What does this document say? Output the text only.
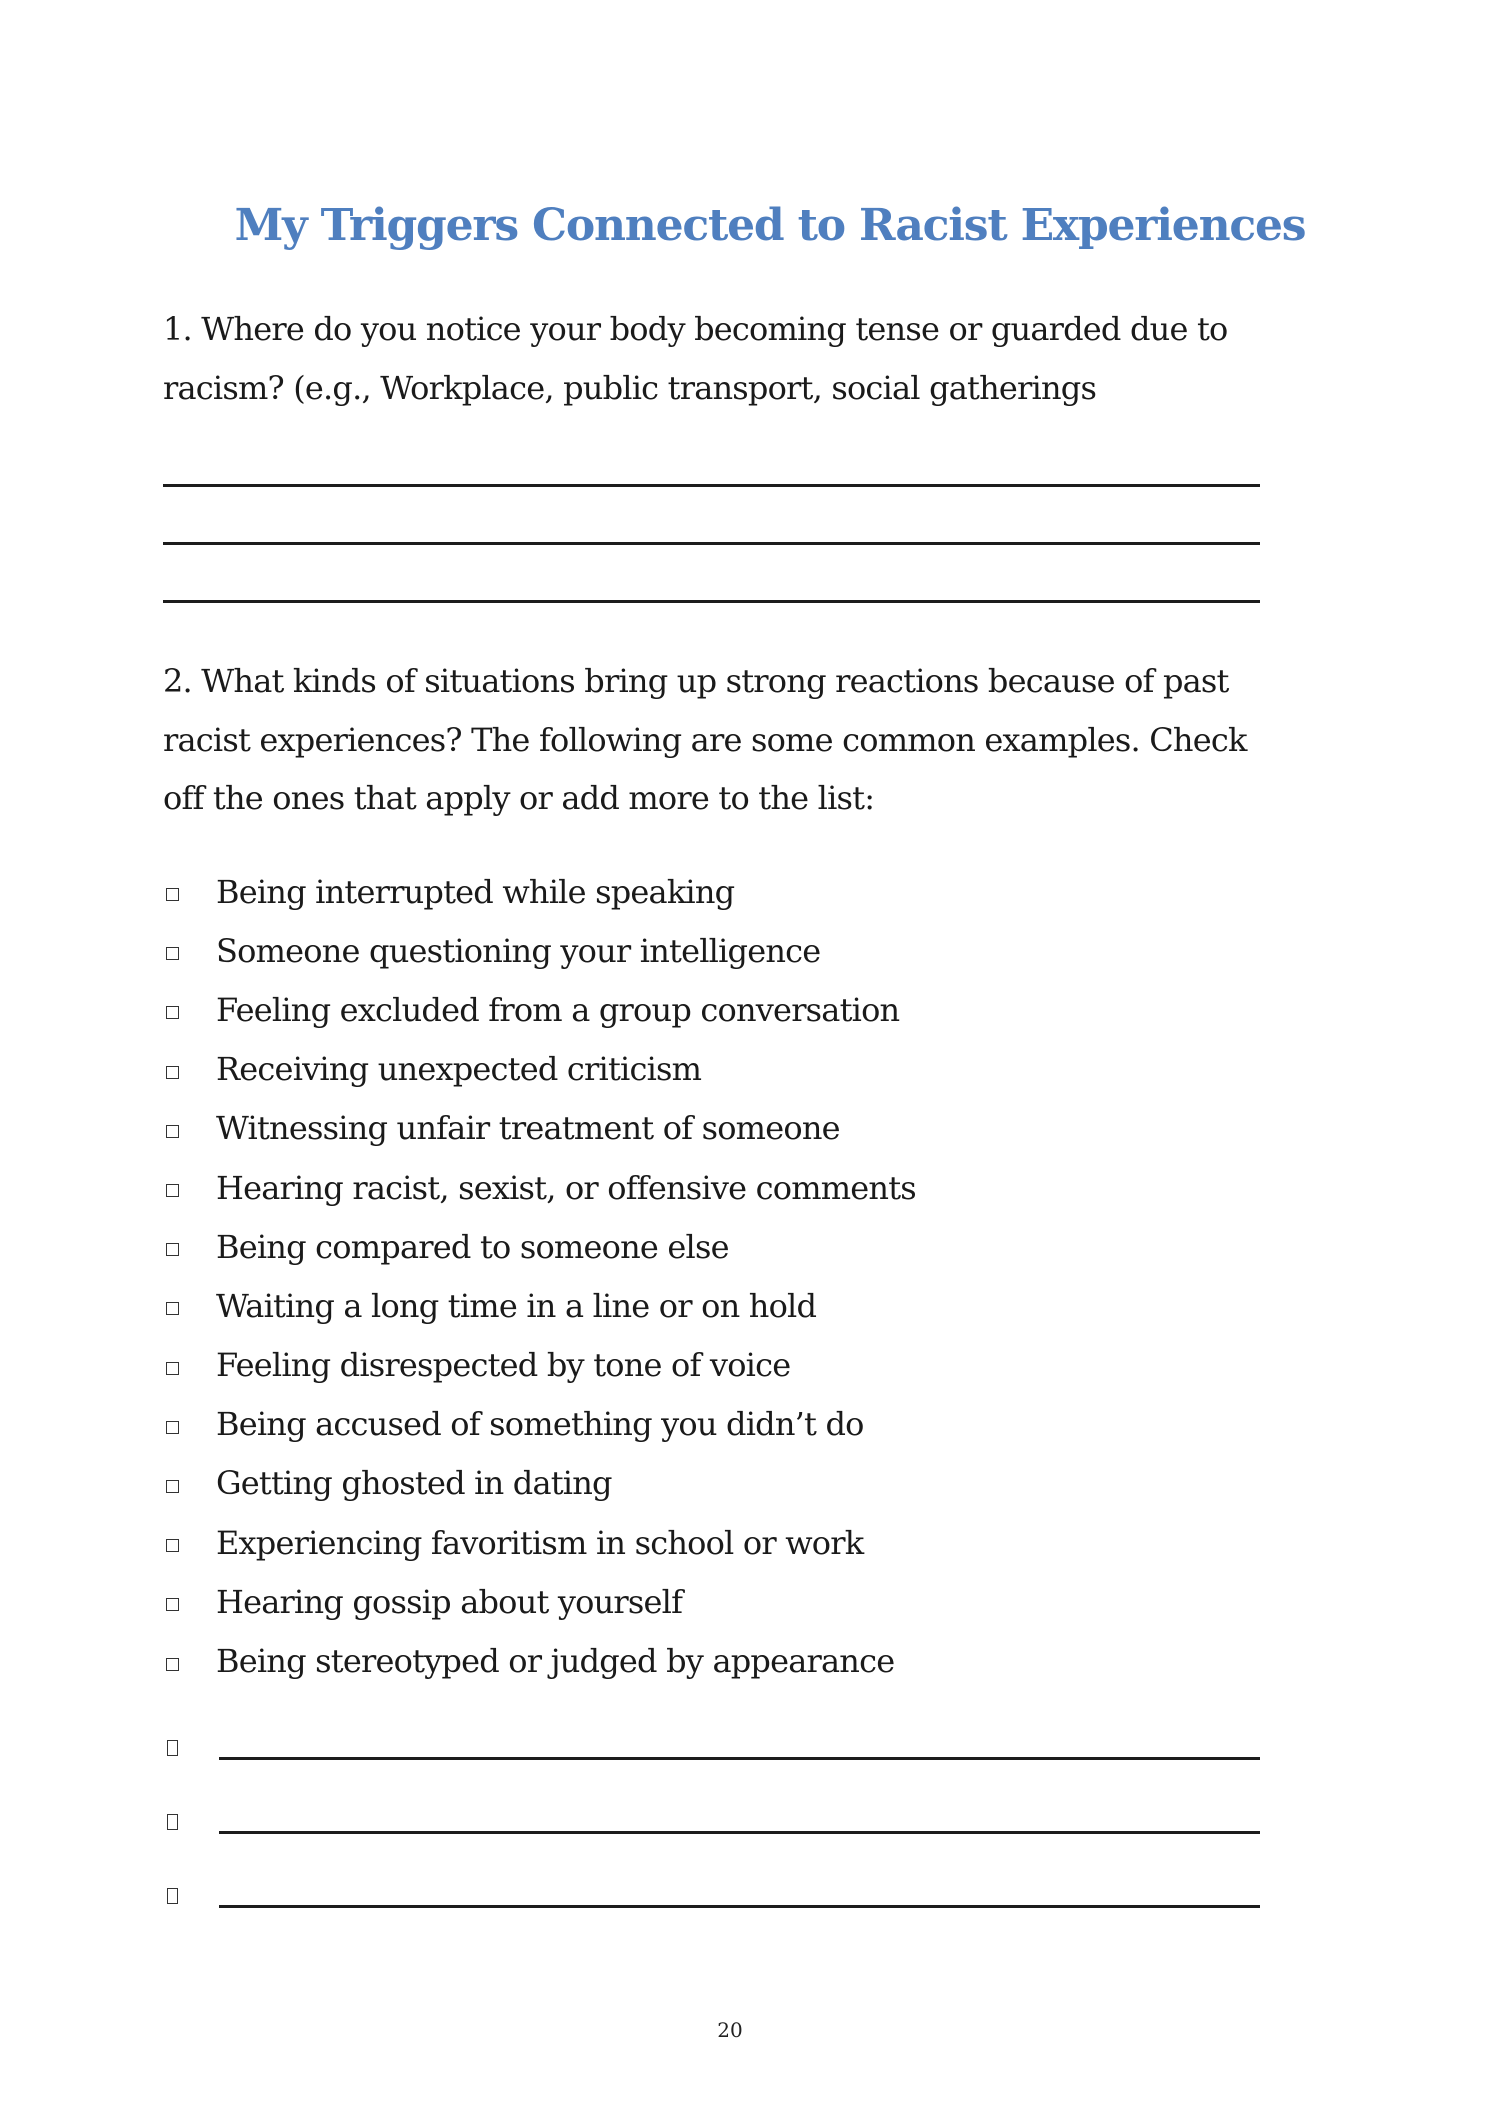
My Triggers Connected to Racist Experiences

1. Where do you notice your body becoming tense or guarded due to racism? (e.g., Workplace, public transport, social gatherings

2. What kinds of situations bring up strong reactions because of past racist experiences? The following are some common examples. Check off the ones that apply or add more to the list:

Being interrupted while speaking
Someone questioning your intelligence
Feeling excluded from a group conversation
Receiving unexpected criticism
Witnessing unfair treatment of someone
Hearing racist, sexist, or offensive comments
Being compared to someone else
Waiting a long time in a line or on hold
Feeling disrespected by tone of voice
Being accused of something you didn’t do
Getting ghosted in dating
Experiencing favoritism in school or work
Hearing gossip about yourself
Being stereotyped or judged by appearance
20
